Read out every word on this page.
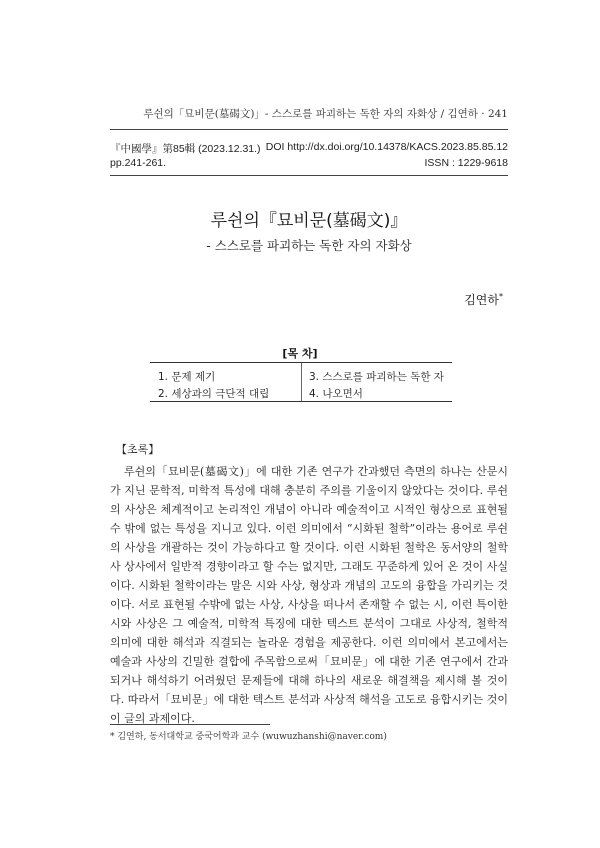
루쉰의「묘비문(墓碣文)」- 스스로를 파괴하는 독한 자의 자화상 / 김연하 · 241
『中國學』第85輯 (2023.12.31.) DOI http://dx.doi.org/10.14378/KACS.2023.85.85.12
pp.241-261.	ISSN : 1229-9618
루쉰의『묘비문(墓碣文)』
- 스스로를 파괴하는 독한 자의 자화상
김연하*
[목 차]
1. 문제 제기
2. 세상과의 극단적 대립
3. 스스로를 파괴하는 독한 자
4. 나오면서
【초록】
루쉰의「묘비문(墓碣文)」에 대한 기존 연구가 간과했던 측면의 하나는 산문시가 지닌 문학적, 미학적 특성에 대해 충분히 주의를 기울이지 않았다는 것이다. 루쉰의 사상은 체계적이고 논리적인 개념이 아니라 예술적이고 시적인 형상으로 표현될 수 밖에 없는 특성을 지니고 있다. 이런 의미에서 “시화된 철학”이라는 용어로 루쉰의 사상을 개괄하는 것이 가능하다고 할 것이다. 이런 시화된 철학은 동서양의 철학사 상사에서 일반적 경향이라고 할 수는 없지만, 그래도 꾸준하게 있어 온 것이 사실이다. 시화된 철학이라는 말은 시와 사상, 형상과 개념의 고도의 융합을 가리키는 것이다. 서로 표현될 수밖에 없는 사상, 사상을 떠나서 존재할 수 없는 시, 이런 특이한 시와 사상은 그 예술적, 미학적 특징에 대한 텍스트 분석이 그대로 사상적, 철학적 의미에 대한 해석과 직결되는 놀라운 경험을 제공한다. 이런 의미에서 본고에서는 예술과 사상의 긴밀한 결합에 주목함으로써「묘비문」에 대한 기존 연구에서 간과되거나 해석하기 어려웠던 문제들에 대해 하나의 새로운 해결책을 제시해 볼 것이다. 따라서「묘비문」에 대한 텍스트 분석과 사상적 해석을 고도로 융합시키는 것이 이 글의 과제이다.
* 김연하, 동서대학교 중국어학과 교수 (wuwuzhanshi@naver.com)
